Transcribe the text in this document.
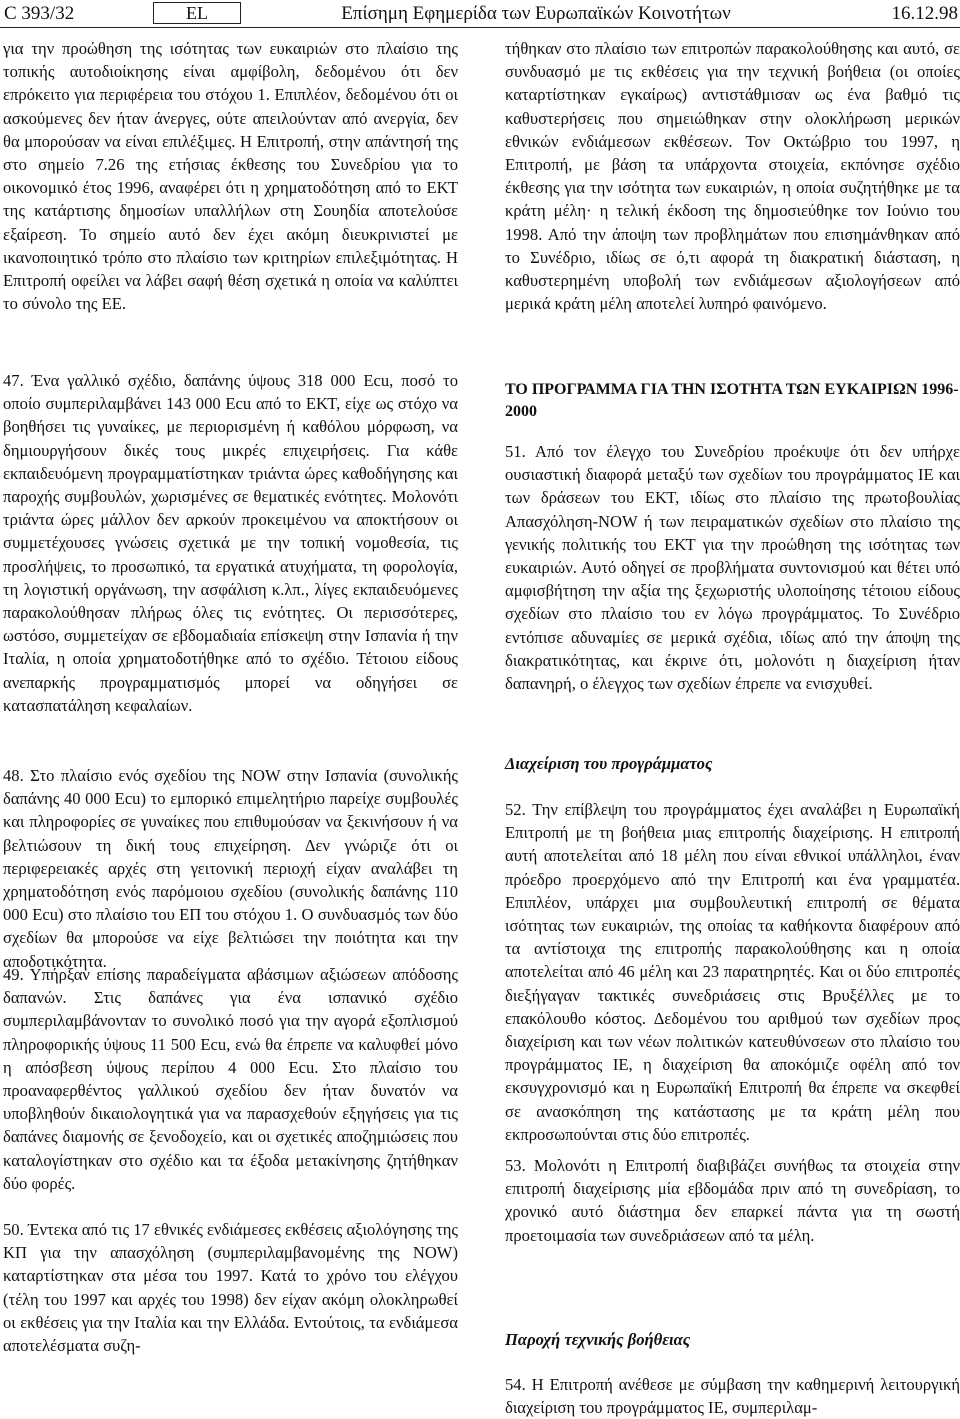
C 393/32	EL	Επίσημη Εφημερίδα των Ευρωπαϊκών Κοινοτήτων	16.12.98

για την προώθηση της ισότητας των ευκαιριών στο πλαίσιο της τοπικής αυτοδιοίκησης είναι αμφίβολη, δεδομένου ότι δεν επρόκειτο για περιφέρεια του στόχου 1. Επιπλέον, δεδομένου ότι οι ασκούμενες δεν ήταν άνεργες, ούτε απειλούνταν από ανεργία, δεν θα μπορούσαν να είναι επιλέξιμες. Η Επιτροπή, στην απάντησή της στο σημείο 7.26 της ετήσιας έκθεσης του Συνεδρίου για το οικονομικό έτος 1996, αναφέρει ότι η χρηματοδότηση από το ΕΚΤ της κατάρτισης δημοσίων υπαλλήλων στη Σουηδία αποτελούσε εξαίρεση. Το σημείο αυτό δεν έχει ακόμη διευκρινιστεί με ικανοποιητικό τρόπο στο πλαίσιο των κριτηρίων επιλεξιμότητας. Η Επιτροπή οφείλει να λάβει σαφή θέση σχετικά η οποία να καλύπτει το σύνολο της ΕΕ.

47. Ένα γαλλικό σχέδιο, δαπάνης ύψους 318 000 Ecu, ποσό το οποίο συμπεριλαμβάνει 143 000 Ecu από το ΕΚΤ, είχε ως στόχο να βοηθήσει τις γυναίκες, με περιορισμένη ή καθόλου μόρφωση, να δημιουργήσουν δικές τους μικρές επιχειρήσεις. Για κάθε εκπαιδευόμενη προγραμματίστηκαν τριάντα ώρες καθοδήγησης και παροχής συμβουλών, χωρισμένες σε θεματικές ενότητες. Μολονότι τριάντα ώρες μάλλον δεν αρκούν προκειμένου να αποκτήσουν οι συμμετέχουσες γνώσεις σχετικά με την τοπική νομοθεσία, τις προσλήψεις, το προσωπικό, τα εργατικά ατυχήματα, τη φορολογία, τη λογιστική οργάνωση, την ασφάλιση κ.λπ., λίγες εκπαιδευόμενες παρακολούθησαν πλήρως όλες τις ενότητες. Οι περισσότερες, ωστόσο, συμμετείχαν σε εβδομαδιαία επίσκεψη στην Ισπανία ή την Ιταλία, η οποία χρηματοδοτήθηκε από το σχέδιο. Τέτοιου είδους ανεπαρκής προγραμματισμός μπορεί να οδηγήσει σε κατασπατάληση κεφαλαίων.

48. Στο πλαίσιο ενός σχεδίου της NOW στην Ισπανία (συνολικής δαπάνης 40 000 Ecu) το εμπορικό επιμελητήριο παρείχε συμβουλές και πληροφορίες σε γυναίκες που επιθυμούσαν να ξεκινήσουν ή να βελτιώσουν τη δική τους επιχείρηση. Δεν γνώριζε ότι οι περιφερειακές αρχές στη γειτονική περιοχή είχαν αναλάβει τη χρηματοδότηση ενός παρόμοιου σχεδίου (συνολικής δαπάνης 110 000 Ecu) στο πλαίσιο του ΕΠ του στόχου 1. Ο συνδυασμός των δύο σχεδίων θα μπορούσε να είχε βελτιώσει την ποιότητα και την αποδοτικότητα.

49. Υπήρξαν επίσης παραδείγματα αβάσιμων αξιώσεων απόδοσης δαπανών. Στις δαπάνες για ένα ισπανικό σχέδιο συμπεριλαμβάνονταν το συνολικό ποσό για την αγορά εξοπλισμού πληροφορικής ύψους 11 500 Ecu, ενώ θα έπρεπε να καλυφθεί μόνο η απόσβεση ύψους περίπου 4 000 Ecu. Στο πλαίσιο του προαναφερθέντος γαλλικού σχεδίου δεν ήταν δυνατόν να υποβληθούν δικαιολογητικά για να παρασχεθούν εξηγήσεις για τις δαπάνες διαμονής σε ξενοδοχείο, και οι σχετικές αποζημιώσεις που καταλογίστηκαν στο σχέδιο και τα έξοδα μετακίνησης ζητήθηκαν δύο φορές.

50. Έντεκα από τις 17 εθνικές ενδιάμεσες εκθέσεις αξιολόγησης της ΚΠ για την απασχόληση (συμπεριλαμβανομένης της NOW) καταρτίστηκαν στα μέσα του 1997. Κατά το χρόνο του ελέγχου (τέλη του 1997 και αρχές του 1998) δεν είχαν ακόμη ολοκληρωθεί οι εκθέσεις για την Ιταλία και την Ελλάδα. Εντούτοις, τα ενδιάμεσα αποτελέσματα συζη-

τήθηκαν στο πλαίσιο των επιτροπών παρακολούθησης και αυτό, σε συνδυασμό με τις εκθέσεις για την τεχνική βοήθεια (οι οποίες καταρτίστηκαν εγκαίρως) αντιστάθμισαν ως ένα βαθμό τις καθυστερήσεις που σημειώθηκαν στην ολοκλήρωση μερικών εθνικών ενδιάμεσων εκθέσεων. Τον Οκτώβριο του 1997, η Επιτροπή, με βάση τα υπάρχοντα στοιχεία, εκπόνησε σχέδιο έκθεσης για την ισότητα των ευκαιριών, η οποία συζητήθηκε με τα κράτη μέλη· η τελική έκδοση της δημοσιεύθηκε τον Ιούνιο του 1998. Από την άποψη των προβλημάτων που επισημάνθηκαν από το Συνέδριο, ιδίως σε ό,τι αφορά τη διακρατική διάσταση, η καθυστερημένη υποβολή των ενδιάμεσων αξιολογήσεων από μερικά κράτη μέλη αποτελεί λυπηρό φαινόμενο.

ΤΟ ΠΡΟΓΡΑΜΜΑ ΓΙΑ ΤΗΝ ΙΣΟΤΗΤΑ ΤΩΝ ΕΥΚΑΙΡΙΩΝ 1996-2000

51. Από τον έλεγχο του Συνεδρίου προέκυψε ότι δεν υπήρχε ουσιαστική διαφορά μεταξύ των σχεδίων του προγράμματος ΙΕ και των δράσεων του ΕΚΤ, ιδίως στο πλαίσιο της πρωτοβουλίας Απασχόληση-NOW ή των πειραματικών σχεδίων στο πλαίσιο της γενικής πολιτικής του ΕΚΤ για την προώθηση της ισότητας των ευκαιριών. Αυτό οδηγεί σε προβλήματα συντονισμού και θέτει υπό αμφισβήτηση την αξία της ξεχωριστής υλοποίησης τέτοιου είδους σχεδίων στο πλαίσιο του εν λόγω προγράμματος. Το Συνέδριο εντόπισε αδυναμίες σε μερικά σχέδια, ιδίως από την άποψη της διακρατικότητας, και έκρινε ότι, μολονότι η διαχείριση ήταν δαπανηρή, ο έλεγχος των σχεδίων έπρεπε να ενισχυθεί.

Διαχείριση του προγράμματος

52. Την επίβλεψη του προγράμματος έχει αναλάβει η Ευρωπαϊκή Επιτροπή με τη βοήθεια μιας επιτροπής διαχείρισης. Η επιτροπή αυτή αποτελείται από 18 μέλη που είναι εθνικοί υπάλληλοι, έναν πρόεδρο προερχόμενο από την Επιτροπή και ένα γραμματέα. Επιπλέον, υπάρχει μια συμβουλευτική επιτροπή σε θέματα ισότητας των ευκαιριών, της οποίας τα καθήκοντα διαφέρουν από τα αντίστοιχα της επιτροπής παρακολούθησης και η οποία αποτελείται από 46 μέλη και 23 παρατηρητές. Και οι δύο επιτροπές διεξήγαγαν τακτικές συνεδριάσεις στις Βρυξέλλες με το επακόλουθο κόστος. Δεδομένου του αριθμού των σχεδίων προς διαχείριση και των νέων πολιτικών κατευθύνσεων στο πλαίσιο του προγράμματος ΙΕ, η διαχείριση θα αποκόμιζε οφέλη από τον εκσυγχρονισμό και η Ευρωπαϊκή Επιτροπή θα έπρεπε να σκεφθεί σε ανασκόπηση της κατάστασης με τα κράτη μέλη που εκπροσωπούνται στις δύο επιτροπές.

53. Μολονότι η Επιτροπή διαβιβάζει συνήθως τα στοιχεία στην επιτροπή διαχείρισης μία εβδομάδα πριν από τη συνεδρίαση, το χρονικό αυτό διάστημα δεν επαρκεί πάντα για τη σωστή προετοιμασία των συνεδριάσεων από τα μέλη.

Παροχή τεχνικής βοήθειας

54. Η Επιτροπή ανέθεσε με σύμβαση την καθημερινή λειτουργική διαχείριση του προγράμματος ΙΕ, συμπεριλαμ-
